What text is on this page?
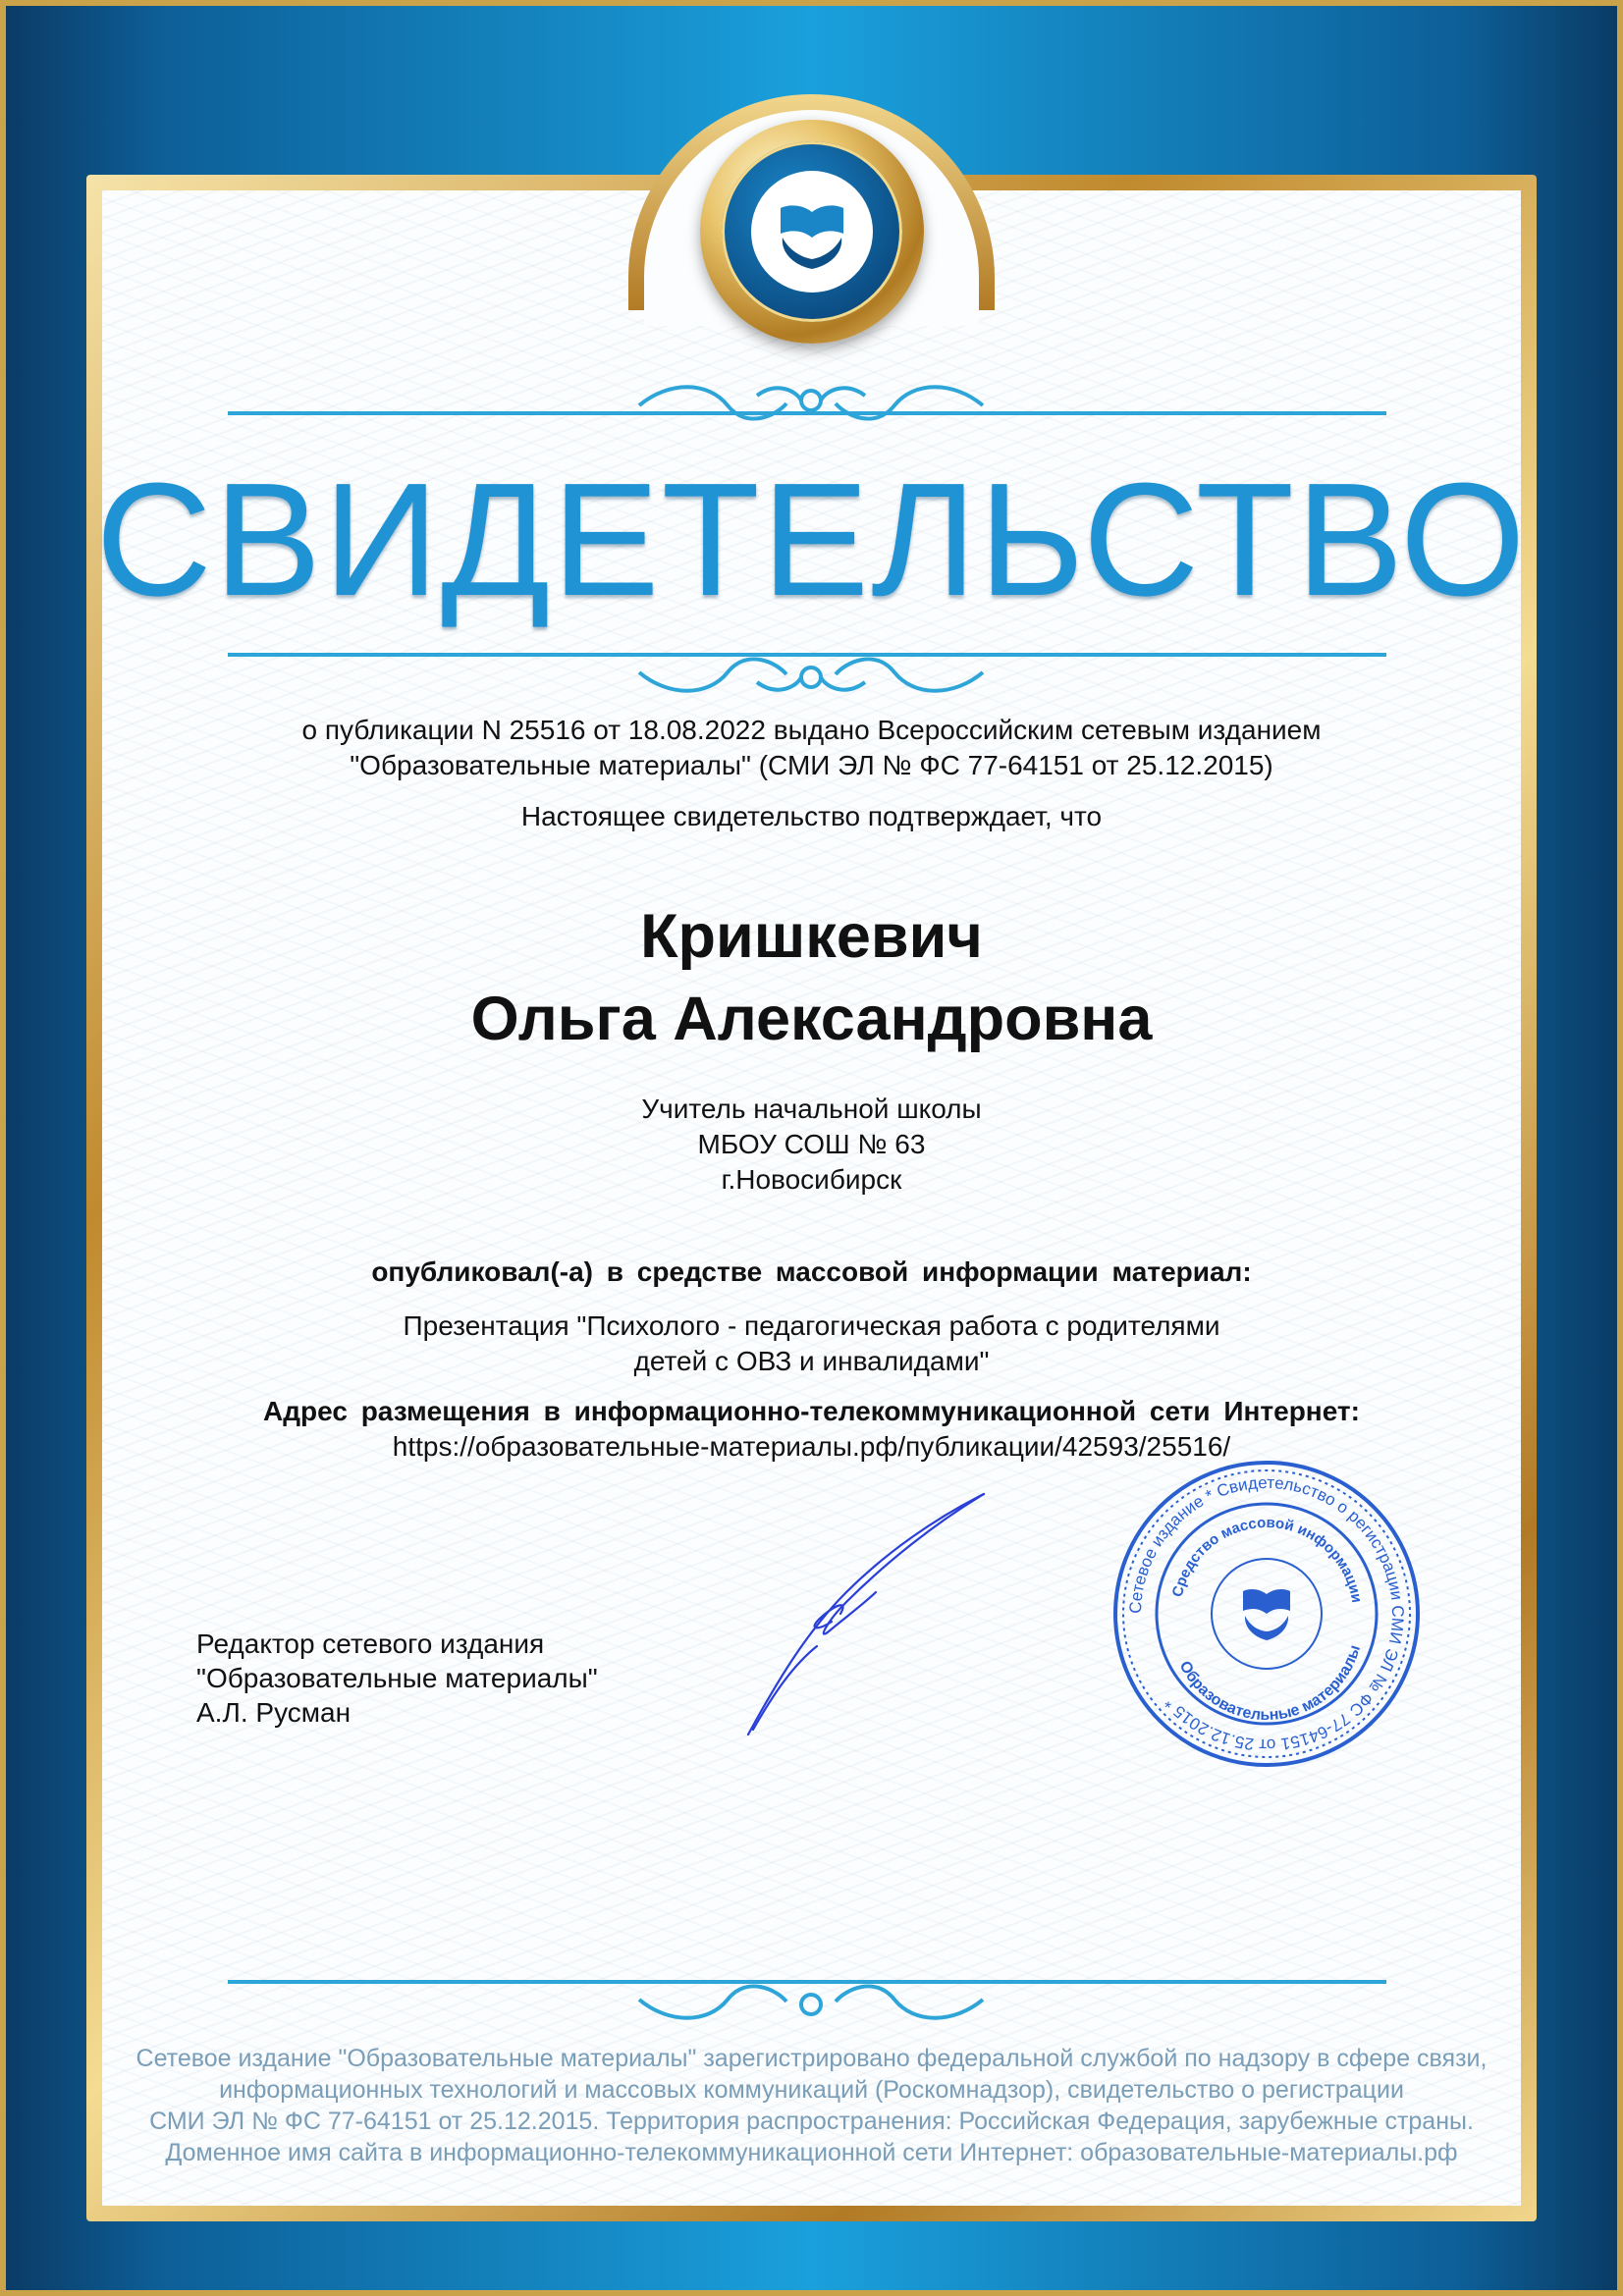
СВИДЕТЕЛЬСТВО

о публикации N 25516 от 18.08.2022 выдано Всероссийским сетевым изданием
"Образовательные материалы" (СМИ ЭЛ № ФС 77-64151 от 25.12.2015)

Настоящее свидетельство подтверждает, что

Кришкевич
Ольга Александровна

Учитель начальной школы
МБОУ СОШ № 63
г.Новосибирск

опубликовал(-а) в средстве массовой информации материал:

Презентация "Психолого - педагогическая работа с родителями
детей с ОВЗ и инвалидами"

Адрес размещения в информационно-телекоммуникационной сети Интернет:

https://образовательные-материалы.рф/публикации/42593/25516/

Редактор сетевого издания
"Образовательные материалы"
А.Л. Русман

Сетевое издание * Свидетельство о регистрации СМИ ЭЛ № ФС 77-64151 от 25.12.2015 *
Средство массовой информации
Образовательные материалы

Сетевое издание "Образовательные материалы" зарегистрировано федеральной службой по надзору в сфере связи,
информационных технологий и массовых коммуникаций (Роскомнадзор), свидетельство о регистрации
СМИ ЭЛ № ФС 77-64151 от 25.12.2015. Территория распространения: Российская Федерация, зарубежные страны.
Доменное имя сайта в информационно-телекоммуникационной сети Интернет: образовательные-материалы.рф
